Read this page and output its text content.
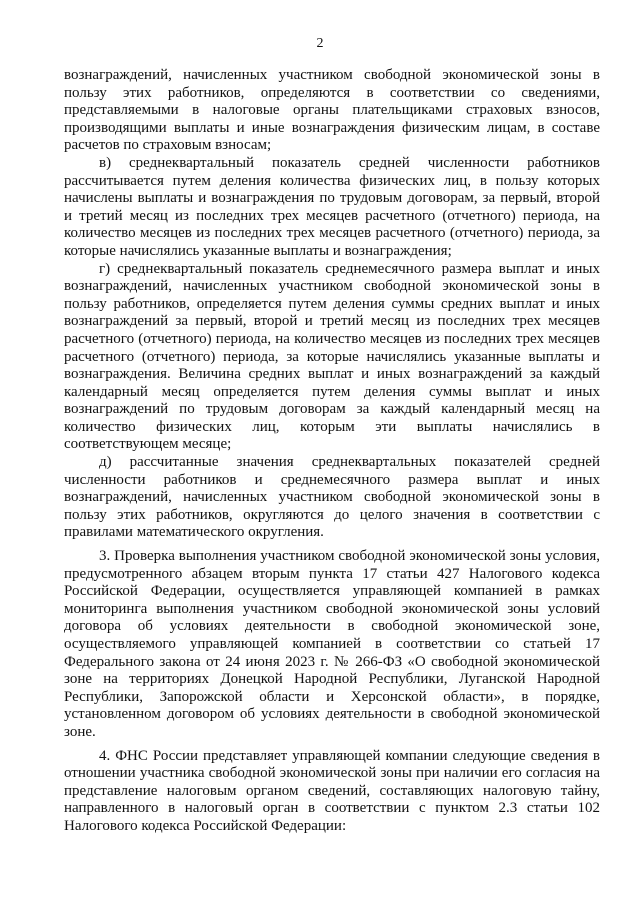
2

вознаграждений, начисленных участником свободной экономической зоны в пользу этих работников, определяются в соответствии со сведениями, представляемыми в налоговые органы плательщиками страховых взносов, производящими выплаты и иные вознаграждения физическим лицам, в составе расчетов по страховым взносам;

в) среднеквартальный показатель средней численности работников рассчитывается путем деления количества физических лиц, в пользу которых начислены выплаты и вознаграждения по трудовым договорам, за первый, второй и третий месяц из последних трех месяцев расчетного (отчетного) периода, на количество месяцев из последних трех месяцев расчетного (отчетного) периода, за которые начислялись указанные выплаты и вознаграждения;

г) среднеквартальный показатель среднемесячного размера выплат и иных вознаграждений, начисленных участником свободной экономической зоны в пользу работников, определяется путем деления суммы средних выплат и иных вознаграждений за первый, второй и третий месяц из последних трех месяцев расчетного (отчетного) периода, на количество месяцев из последних трех месяцев расчетного (отчетного) периода, за которые начислялись указанные выплаты и вознаграждения. Величина средних выплат и иных вознаграждений за каждый календарный месяц определяется путем деления суммы выплат и иных вознаграждений по трудовым договорам за каждый календарный месяц на количество физических лиц, которым эти выплаты начислялись в соответствующем месяце;

д) рассчитанные значения среднеквартальных показателей средней численности работников и среднемесячного размера выплат и иных вознаграждений, начисленных участником свободной экономической зоны в пользу этих работников, округляются до целого значения в соответствии с правилами математического округления.

3. Проверка выполнения участником свободной экономической зоны условия, предусмотренного абзацем вторым пункта 17 статьи 427 Налогового кодекса Российской Федерации, осуществляется управляющей компанией в рамках мониторинга выполнения участником свободной экономической зоны условий договора об условиях деятельности в свободной экономической зоне, осуществляемого управляющей компанией в соответствии со статьей 17 Федерального закона от 24 июня 2023 г. № 266-ФЗ «О свободной экономической зоне на территориях Донецкой Народной Республики, Луганской Народной Республики, Запорожской области и Херсонской области», в порядке, установленном договором об условиях деятельности в свободной экономической зоне.

4. ФНС России представляет управляющей компании следующие сведения в отношении участника свободной экономической зоны при наличии его согласия на представление налоговым органом сведений, составляющих налоговую тайну, направленного в налоговый орган в соответствии с пунктом 2.3 статьи 102 Налогового кодекса Российской Федерации:
